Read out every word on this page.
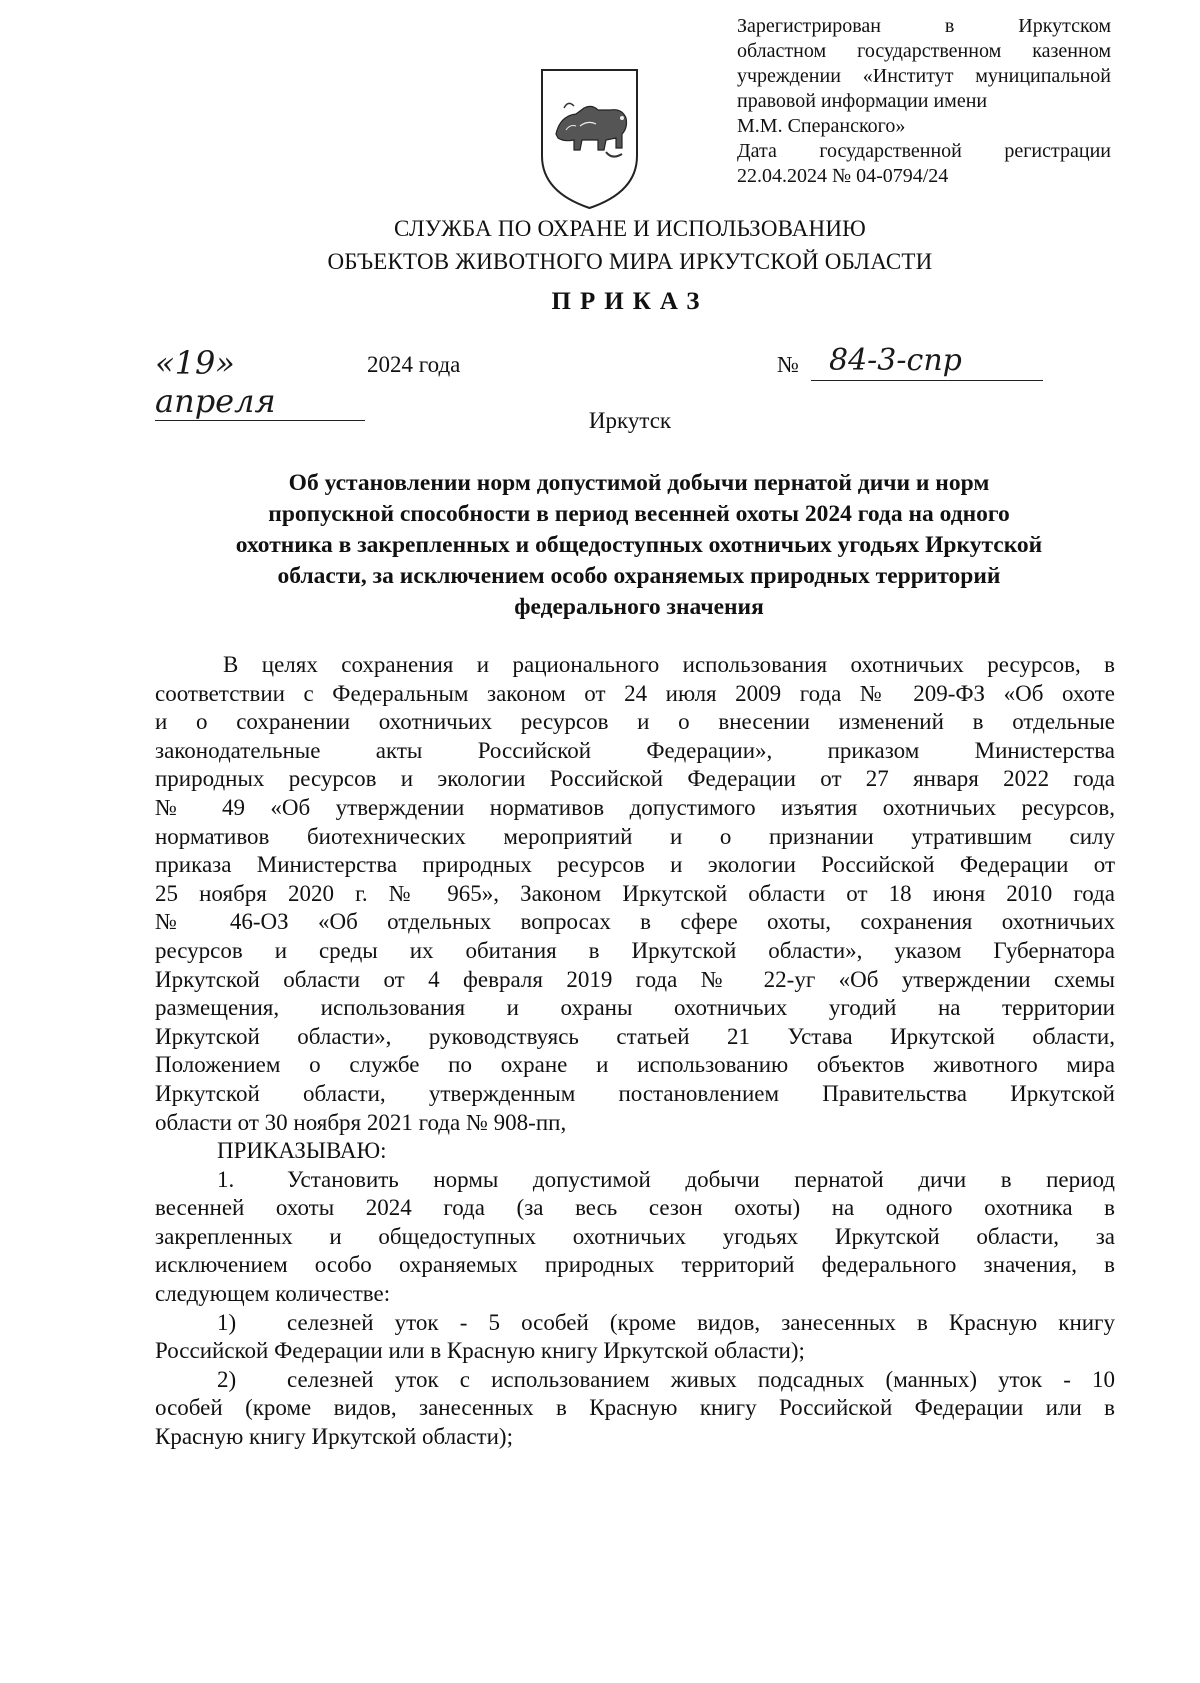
Зарегистрирован в Иркутском
областном государственном казенном
учреждении «Институт муниципальной
правовой информации имени
М.М. Сперанского»
Дата государственной регистрации
22.04.2024 № 04-0794/24
СЛУЖБА ПО ОХРАНЕ И ИСПОЛЬЗОВАНИЮ
ОБЪЕКТОВ ЖИВОТНОГО МИРА ИРКУТСКОЙ ОБЛАСТИ
ПРИКАЗ
«19» апреля
2024 года	№	84-3-спр
Иркутск
Об установлении норм допустимой добычи пернатой дичи и норм
пропускной способности в период весенней охоты 2024 года на одного
охотника в закрепленных и общедоступных охотничьих угодьях Иркутской
области, за исключением особо охраняемых природных территорий
федерального значения
В целях сохранения и рационального использования охотничьих ресурсов, в
соответствии с Федеральным законом от 24 июля 2009 года № 209-ФЗ «Об охоте
и о сохранении охотничьих ресурсов и о внесении изменений в отдельные
законодательные акты Российской Федерации», приказом Министерства
природных ресурсов и экологии Российской Федерации от 27 января 2022 года
№ 49 «Об утверждении нормативов допустимого изъятия охотничьих ресурсов,
нормативов биотехнических мероприятий и о признании утратившим силу
приказа Министерства природных ресурсов и экологии Российской Федерации от
25 ноября 2020 г. № 965», Законом Иркутской области от 18 июня 2010 года
№ 46-ОЗ «Об отдельных вопросах в сфере охоты, сохранения охотничьих
ресурсов и среды их обитания в Иркутской области», указом Губернатора
Иркутской области от 4 февраля 2019 года № 22-уг «Об утверждении схемы
размещения, использования и охраны охотничьих угодий на территории
Иркутской области», руководствуясь статьей 21 Устава Иркутской области,
Положением о службе по охране и использованию объектов животного мира
Иркутской области, утвержденным постановлением Правительства Иркутской
области от 30 ноября 2021 года № 908-пп,
ПРИКАЗЫВАЮ:
1. Установить нормы допустимой добычи пернатой дичи в период
весенней охоты 2024 года (за весь сезон охоты) на одного охотника в
закрепленных и общедоступных охотничьих угодьях Иркутской области, за
исключением особо охраняемых природных территорий федерального значения, в
следующем количестве:
1) селезней уток - 5 особей (кроме видов, занесенных в Красную книгу
Российской Федерации или в Красную книгу Иркутской области);
2) селезней уток с использованием живых подсадных (манных) уток - 10
особей (кроме видов, занесенных в Красную книгу Российской Федерации или в
Красную книгу Иркутской области);
